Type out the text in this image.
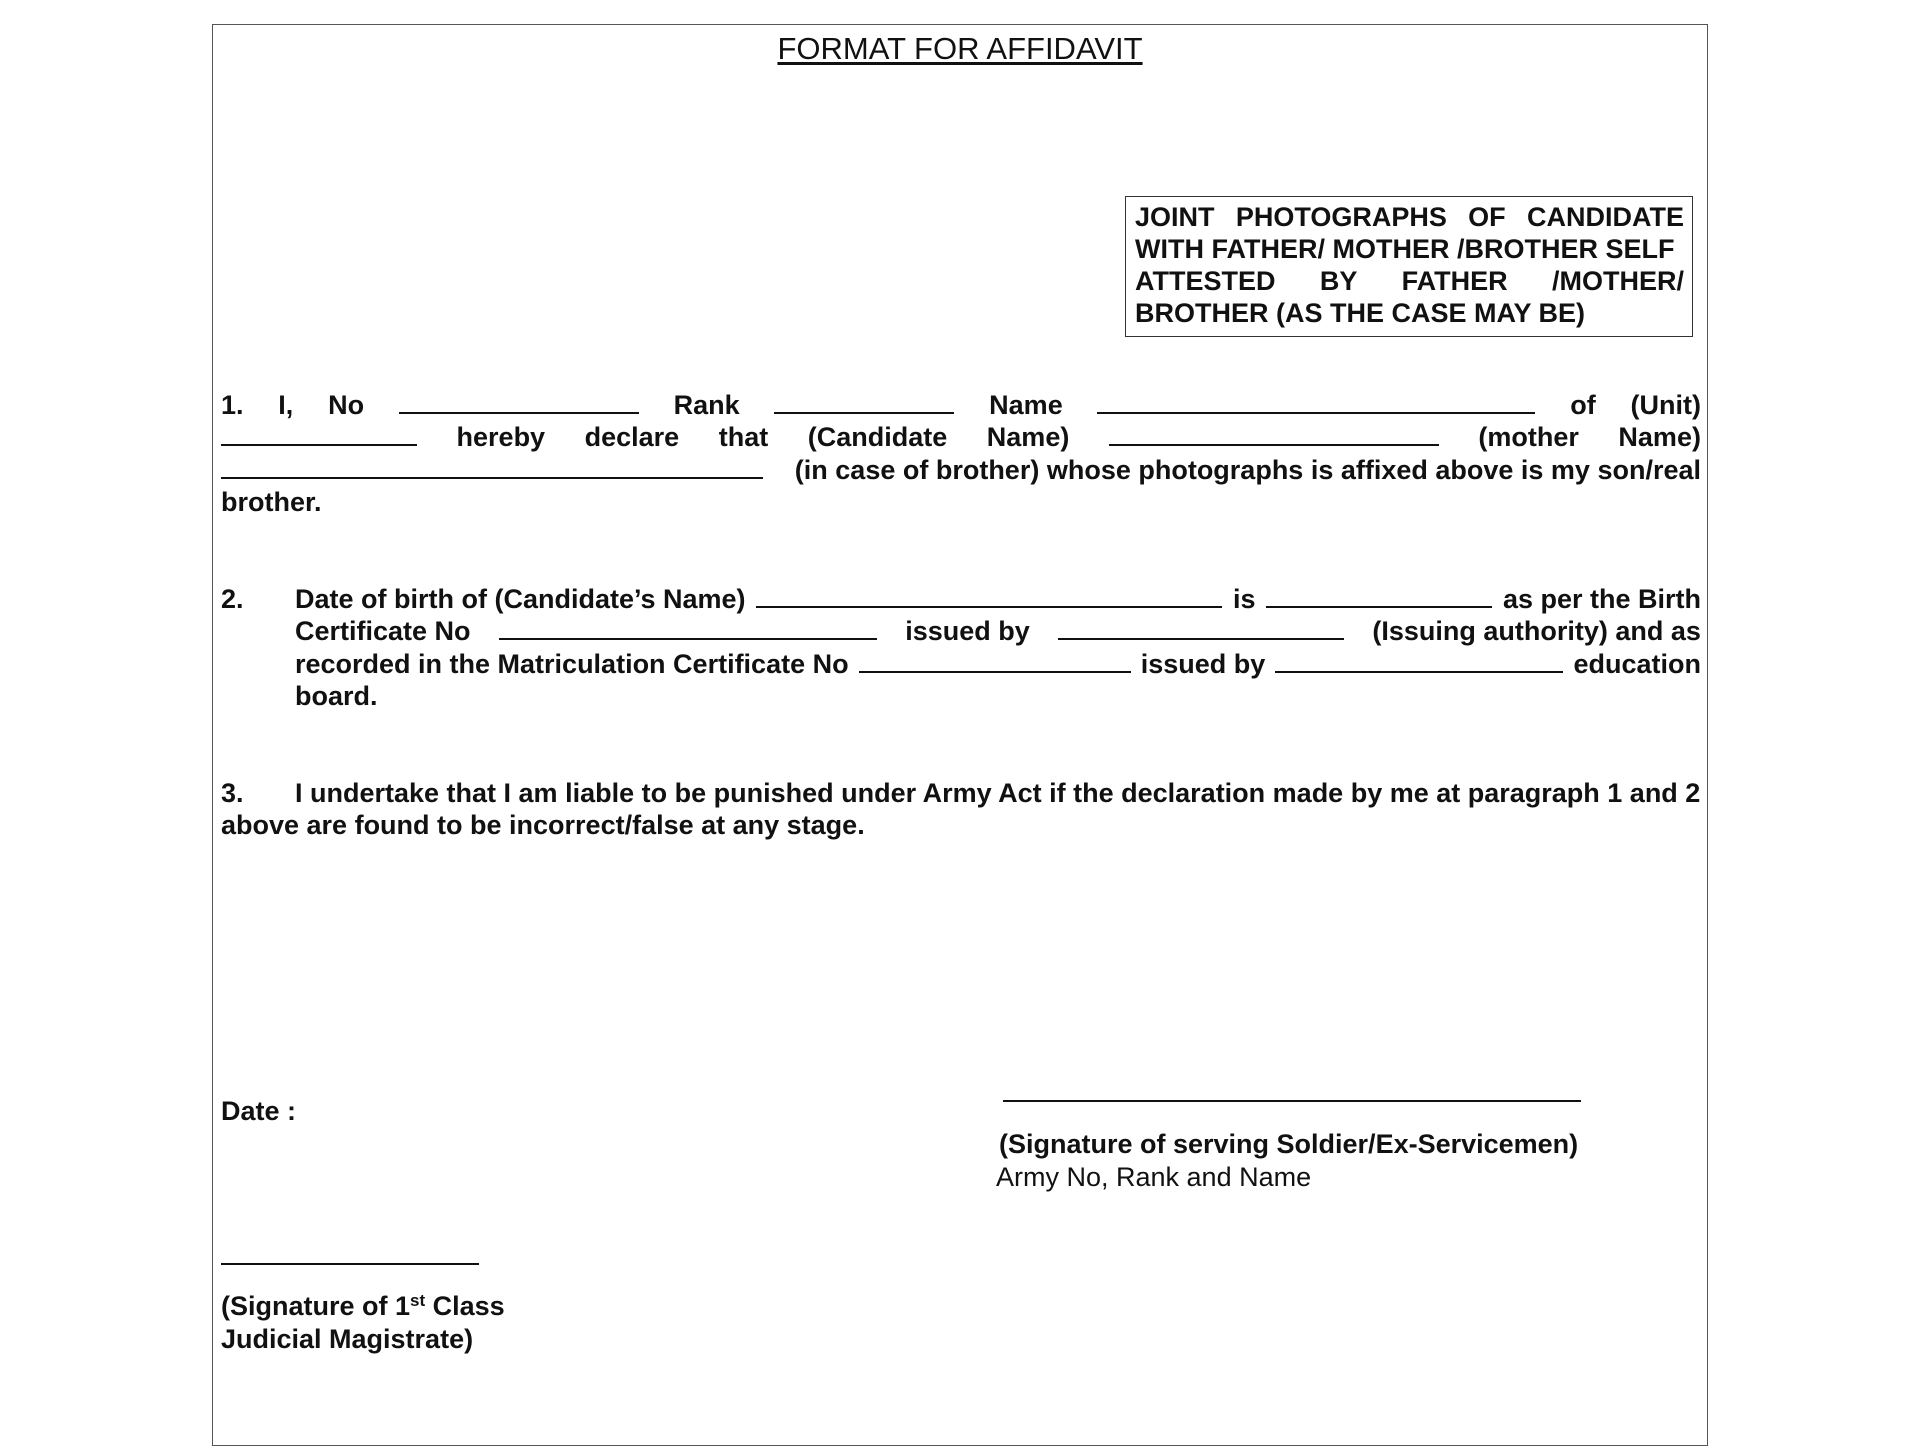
FORMAT FOR AFFIDAVIT
JOINT PHOTOGRAPHS OF CANDIDATE
WITH FATHER/ MOTHER /BROTHER SELF
ATTESTED BY FATHER /MOTHER/
BROTHER (AS THE CASE MAY BE)
1. I, No	Rank	Name	of (Unit)
hereby declare that (Candidate Name)	(mother Name)
(in case of brother) whose photographs is affixed above is my son/real
brother.
2.	Date of birth of (Candidate’s Name)	is	as per the Birth
Certificate No	issued by	(Issuing authority) and as
recorded in the Matriculation Certificate No	issued by	education
board.
3.	I undertake that I am liable to be punished under Army Act if the declaration made by me at paragraph 1 and 2
above are found to be incorrect/false at any stage.
Date :
(Signature of serving Soldier/Ex-Servicemen)
Army No, Rank and Name
(Signature of 1st Class
Judicial Magistrate)
